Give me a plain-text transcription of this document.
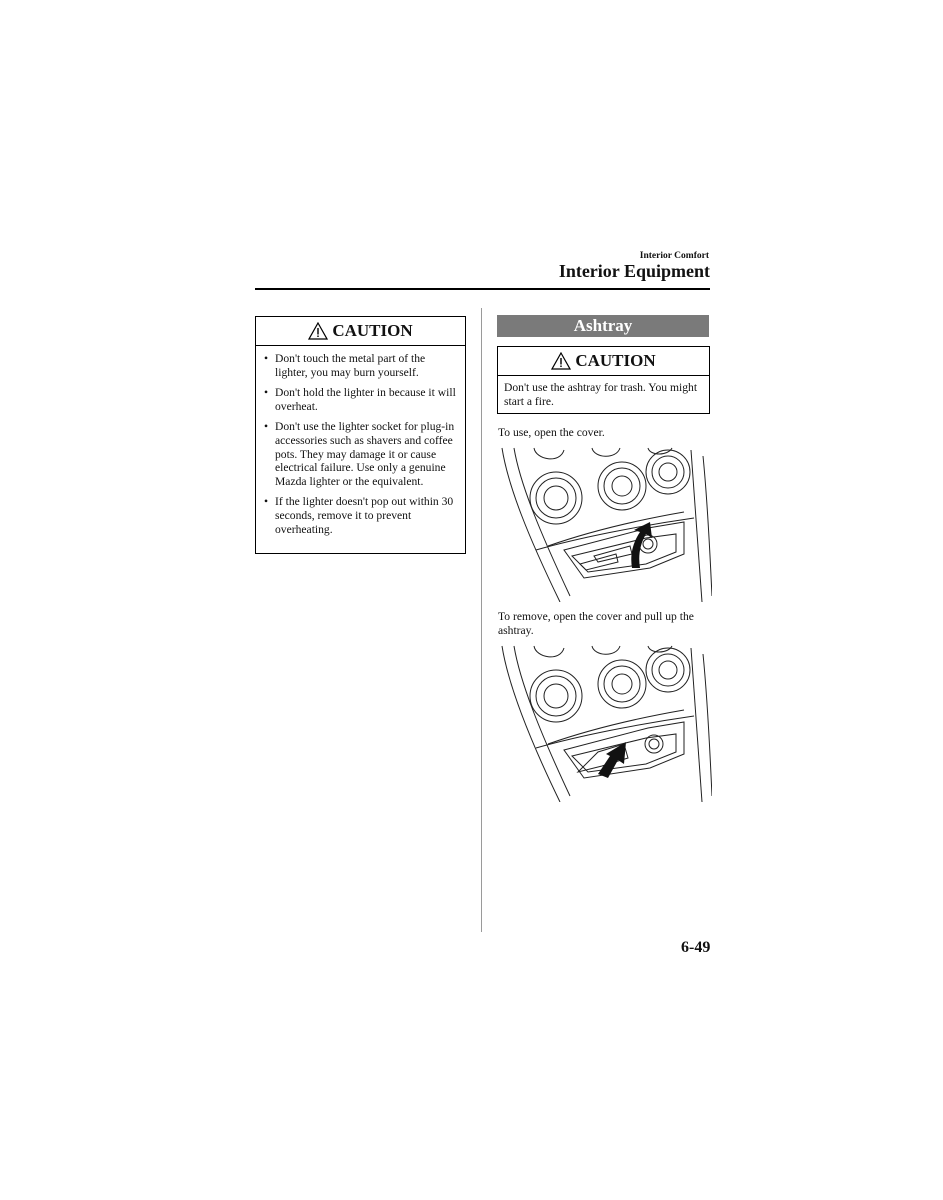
Interior Comfort
Interior Equipment
CAUTION
• Don't touch the metal part of the lighter, you may burn yourself.
• Don't hold the lighter in because it will overheat.
• Don't use the lighter socket for plug-in accessories such as shavers and coffee pots. They may damage it or cause electrical failure. Use only a genuine Mazda lighter or the equivalent.
• If the lighter doesn't pop out within 30 seconds, remove it to prevent overheating.
Ashtray
CAUTION
Don't use the ashtray for trash. You might start a fire.
To use, open the cover.
To remove, open the cover and pull up the ashtray.
6-49
